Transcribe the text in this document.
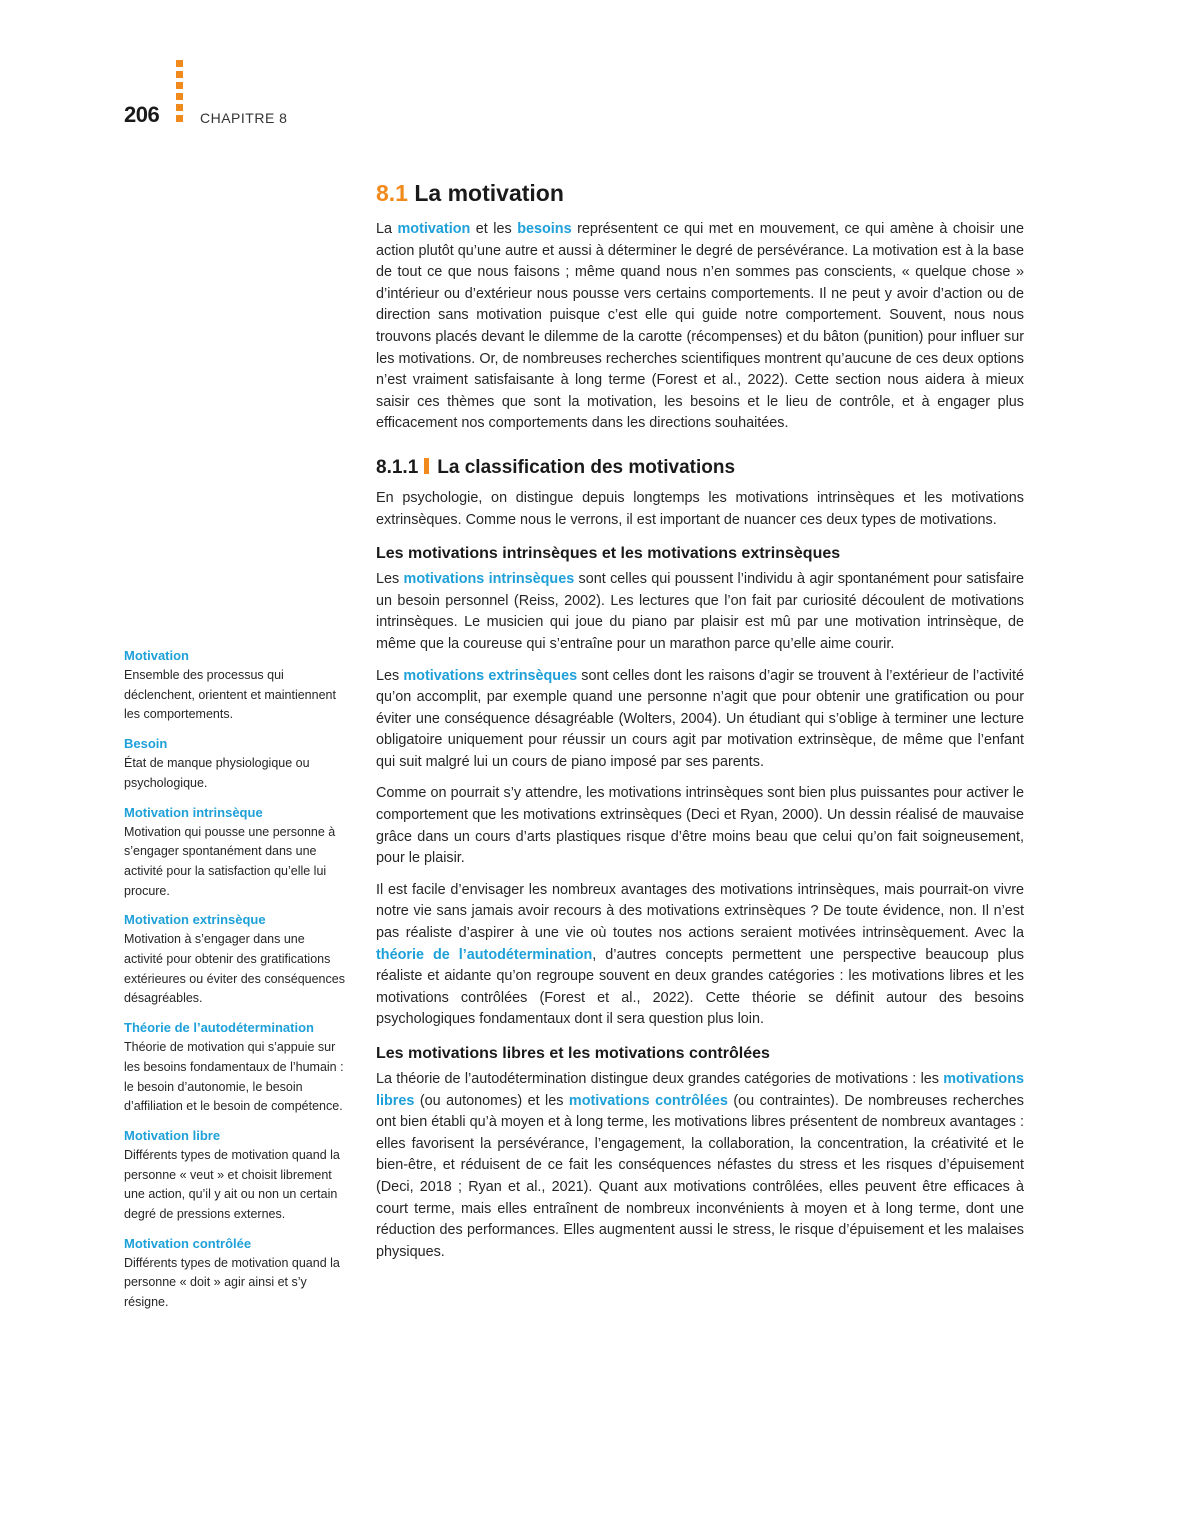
206	CHAPITRE 8
8.1 La motivation

La motivation et les besoins représentent ce qui met en mouvement, ce qui amène à choisir une action plutôt qu’une autre et aussi à déterminer le degré de persévérance. La motivation est à la base de tout ce que nous faisons ; même quand nous n’en sommes pas conscients, « quelque chose » d’intérieur ou d’extérieur nous pousse vers certains comportements. Il ne peut y avoir d’action ou de direction sans motivation puisque c’est elle qui guide notre comportement. Souvent, nous nous trouvons placés devant le dilemme de la carotte (récompenses) et du bâton (punition) pour influer sur les motivations. Or, de nombreuses recherches scientifiques montrent qu’aucune de ces deux options n’est vraiment satisfaisante à long terme (Forest et al., 2022). Cette section nous aidera à mieux saisir ces thèmes que sont la motivation, les besoins et le lieu de contrôle, et à engager plus efficacement nos comportements dans les directions souhaitées.

8.1.1 La classification des motivations

En psychologie, on distingue depuis longtemps les motivations intrinsèques et les motivations extrinsèques. Comme nous le verrons, il est important de nuancer ces deux types de motivations.

Les motivations intrinsèques et les motivations extrinsèques

Les motivations intrinsèques sont celles qui poussent l’individu à agir spontanément pour satisfaire un besoin personnel (Reiss, 2002). Les lectures que l’on fait par curiosité découlent de motivations intrinsèques. Le musicien qui joue du piano par plaisir est mû par une motivation intrinsèque, de même que la coureuse qui s’entraîne pour un marathon parce qu’elle aime courir.

Les motivations extrinsèques sont celles dont les raisons d’agir se trouvent à l’extérieur de l’activité qu’on accomplit, par exemple quand une personne n’agit que pour obtenir une gratification ou pour éviter une conséquence désagréable (Wolters, 2004). Un étudiant qui s’oblige à terminer une lecture obligatoire uniquement pour réussir un cours agit par motivation extrinsèque, de même que l’enfant qui suit malgré lui un cours de piano imposé par ses parents.

Comme on pourrait s’y attendre, les motivations intrinsèques sont bien plus puissantes pour activer le comportement que les motivations extrinsèques (Deci et Ryan, 2000). Un dessin réalisé de mauvaise grâce dans un cours d’arts plastiques risque d’être moins beau que celui qu’on fait soigneusement, pour le plaisir.

Il est facile d’envisager les nombreux avantages des motivations intrinsèques, mais pourrait-on vivre notre vie sans jamais avoir recours à des motivations extrinsèques ? De toute évidence, non. Il n’est pas réaliste d’aspirer à une vie où toutes nos actions seraient motivées intrinsèquement. Avec la théorie de l’autodétermination, d’autres concepts permettent une perspective beaucoup plus réaliste et aidante qu’on regroupe souvent en deux grandes catégories : les motivations libres et les motivations contrôlées (Forest et al., 2022). Cette théorie se définit autour des besoins psychologiques fondamentaux dont il sera question plus loin.

Les motivations libres et les motivations contrôlées

La théorie de l’autodétermination distingue deux grandes catégories de motivations : les motivations libres (ou autonomes) et les motivations contrôlées (ou contraintes). De nombreuses recherches ont bien établi qu’à moyen et à long terme, les motivations libres présentent de nombreux avantages : elles favorisent la persévérance, l’engagement, la collaboration, la concentration, la créativité et le bien-être, et réduisent de ce fait les conséquences néfastes du stress et les risques d’épuisement (Deci, 2018 ; Ryan et al., 2021). Quant aux motivations contrôlées, elles peuvent être efficaces à court terme, mais elles entraînent de nombreux inconvénients à moyen et à long terme, dont une réduction des performances. Elles augmentent aussi le stress, le risque d’épuisement et les malaises physiques.

Motivation
Ensemble des processus qui déclenchent, orientent et maintiennent les comportements.
Besoin
État de manque physiologique ou psychologique.
Motivation intrinsèque
Motivation qui pousse une personne à s’engager spontanément dans une activité pour la satisfaction qu’elle lui procure.
Motivation extrinsèque
Motivation à s’engager dans une activité pour obtenir des gratifications extérieures ou éviter des conséquences désagréables.
Théorie de l’autodétermination
Théorie de motivation qui s’appuie sur les besoins fondamentaux de l’humain : le besoin d’autonomie, le besoin d’affiliation et le besoin de compétence.
Motivation libre
Différents types de motivation quand la personne « veut » et choisit librement une action, qu’il y ait ou non un certain degré de pressions externes.
Motivation contrôlée
Différents types de motivation quand la personne « doit » agir ainsi et s’y résigne.
